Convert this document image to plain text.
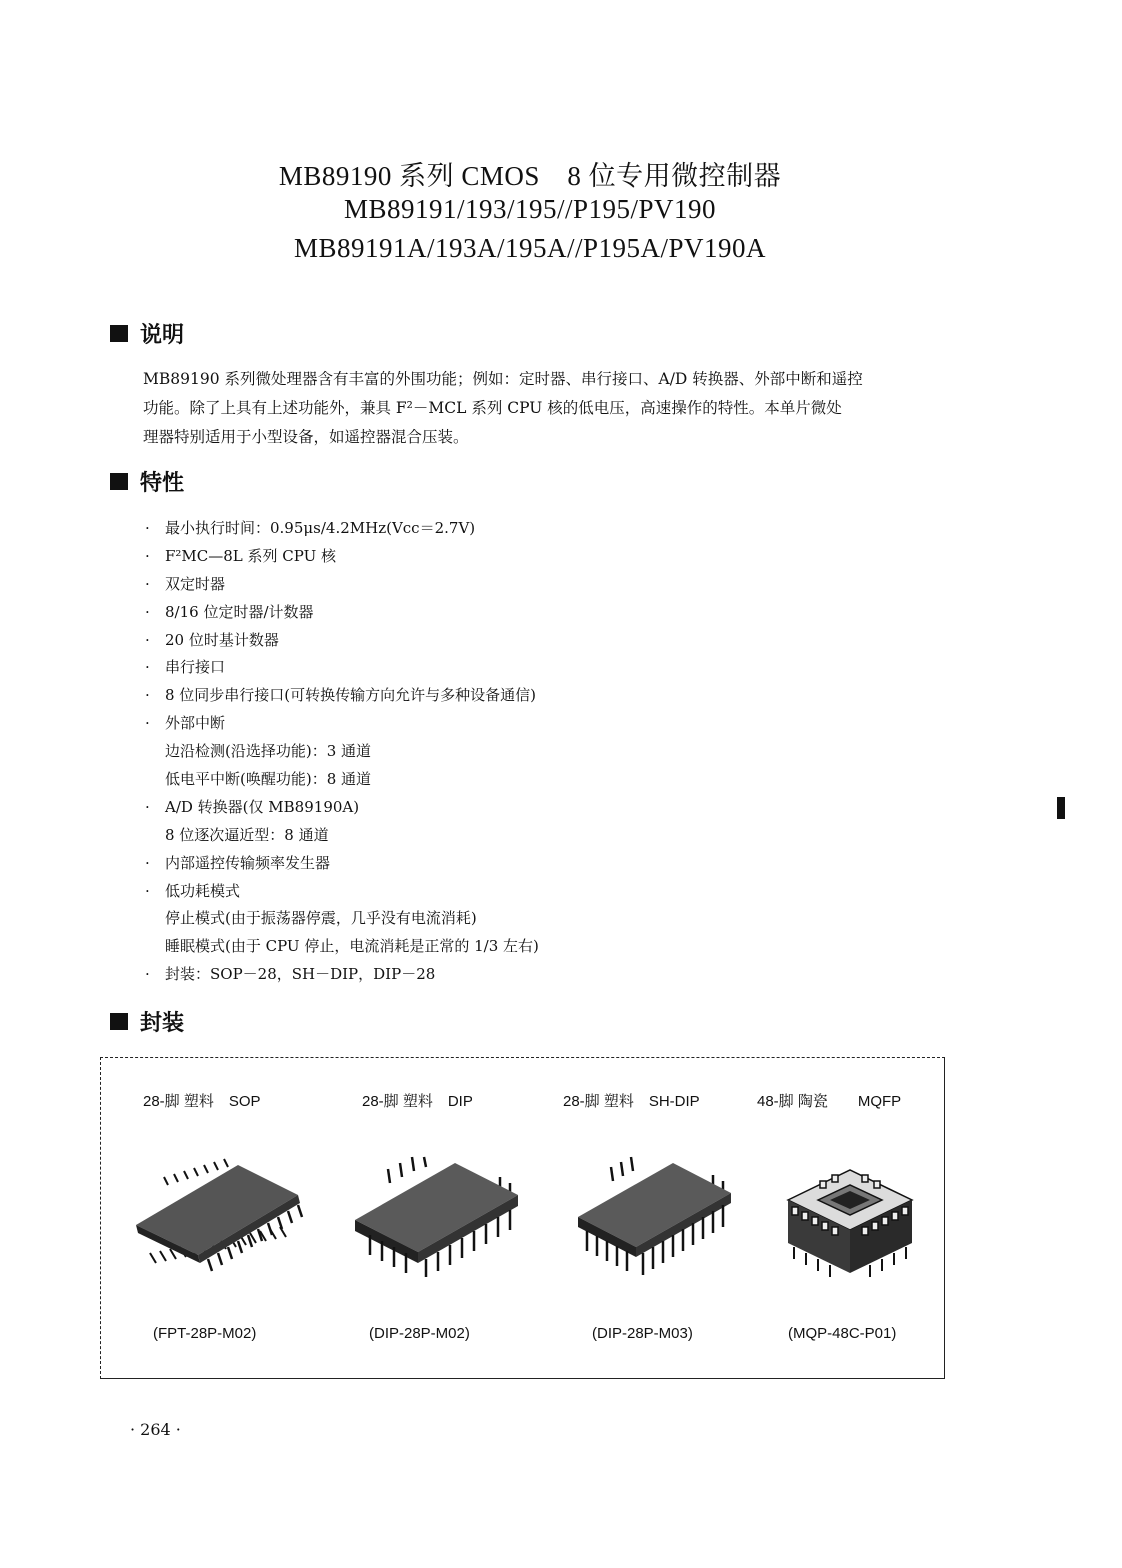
MB89190 系列 CMOS　8 位专用微控制器
MB89191/193/195//P195/PV190
MB89191A/193A/195A//P195A/PV190A
说明
MB89190 系列微处理器含有丰富的外围功能；例如：定时器、串行接口、A/D 转换器、外部中断和遥控
功能。除了上具有上述功能外，兼具 F²－MCL 系列 CPU 核的低电压，高速操作的特性。本单片微处
理器特别适用于小型设备，如遥控器混合压装。
特性
·	最小执行时间：0.95μs/4.2MHz(Vcc＝2.7V)
·	F²MC—8L 系列 CPU 核
·	双定时器
·	8/16 位定时器/计数器
·	20 位时基计数器
·	串行接口
·	8 位同步串行接口(可转换传输方向允许与多种设备通信)
·	外部中断
边沿检测(沿选择功能)：3 通道
低电平中断(唤醒功能)：8 通道
·	A/D 转换器(仅 MB89190A)
8 位逐次逼近型：8 通道
·	内部遥控传输频率发生器
·	低功耗模式
停止模式(由于振荡器停震，几乎没有电流消耗)
睡眠模式(由于 CPU 停止，电流消耗是正常的 1/3 左右)
·	封装：SOP－28，SH－DIP，DIP－28
封装
28-脚 塑料　SOP	28-脚 塑料　DIP	28-脚 塑料　SH-DIP	48-脚 陶瓷　　MQFP
(FPT-28P-M02)	(DIP-28P-M02)	(DIP-28P-M03)	(MQP-48C-P01)
· 264 ·
